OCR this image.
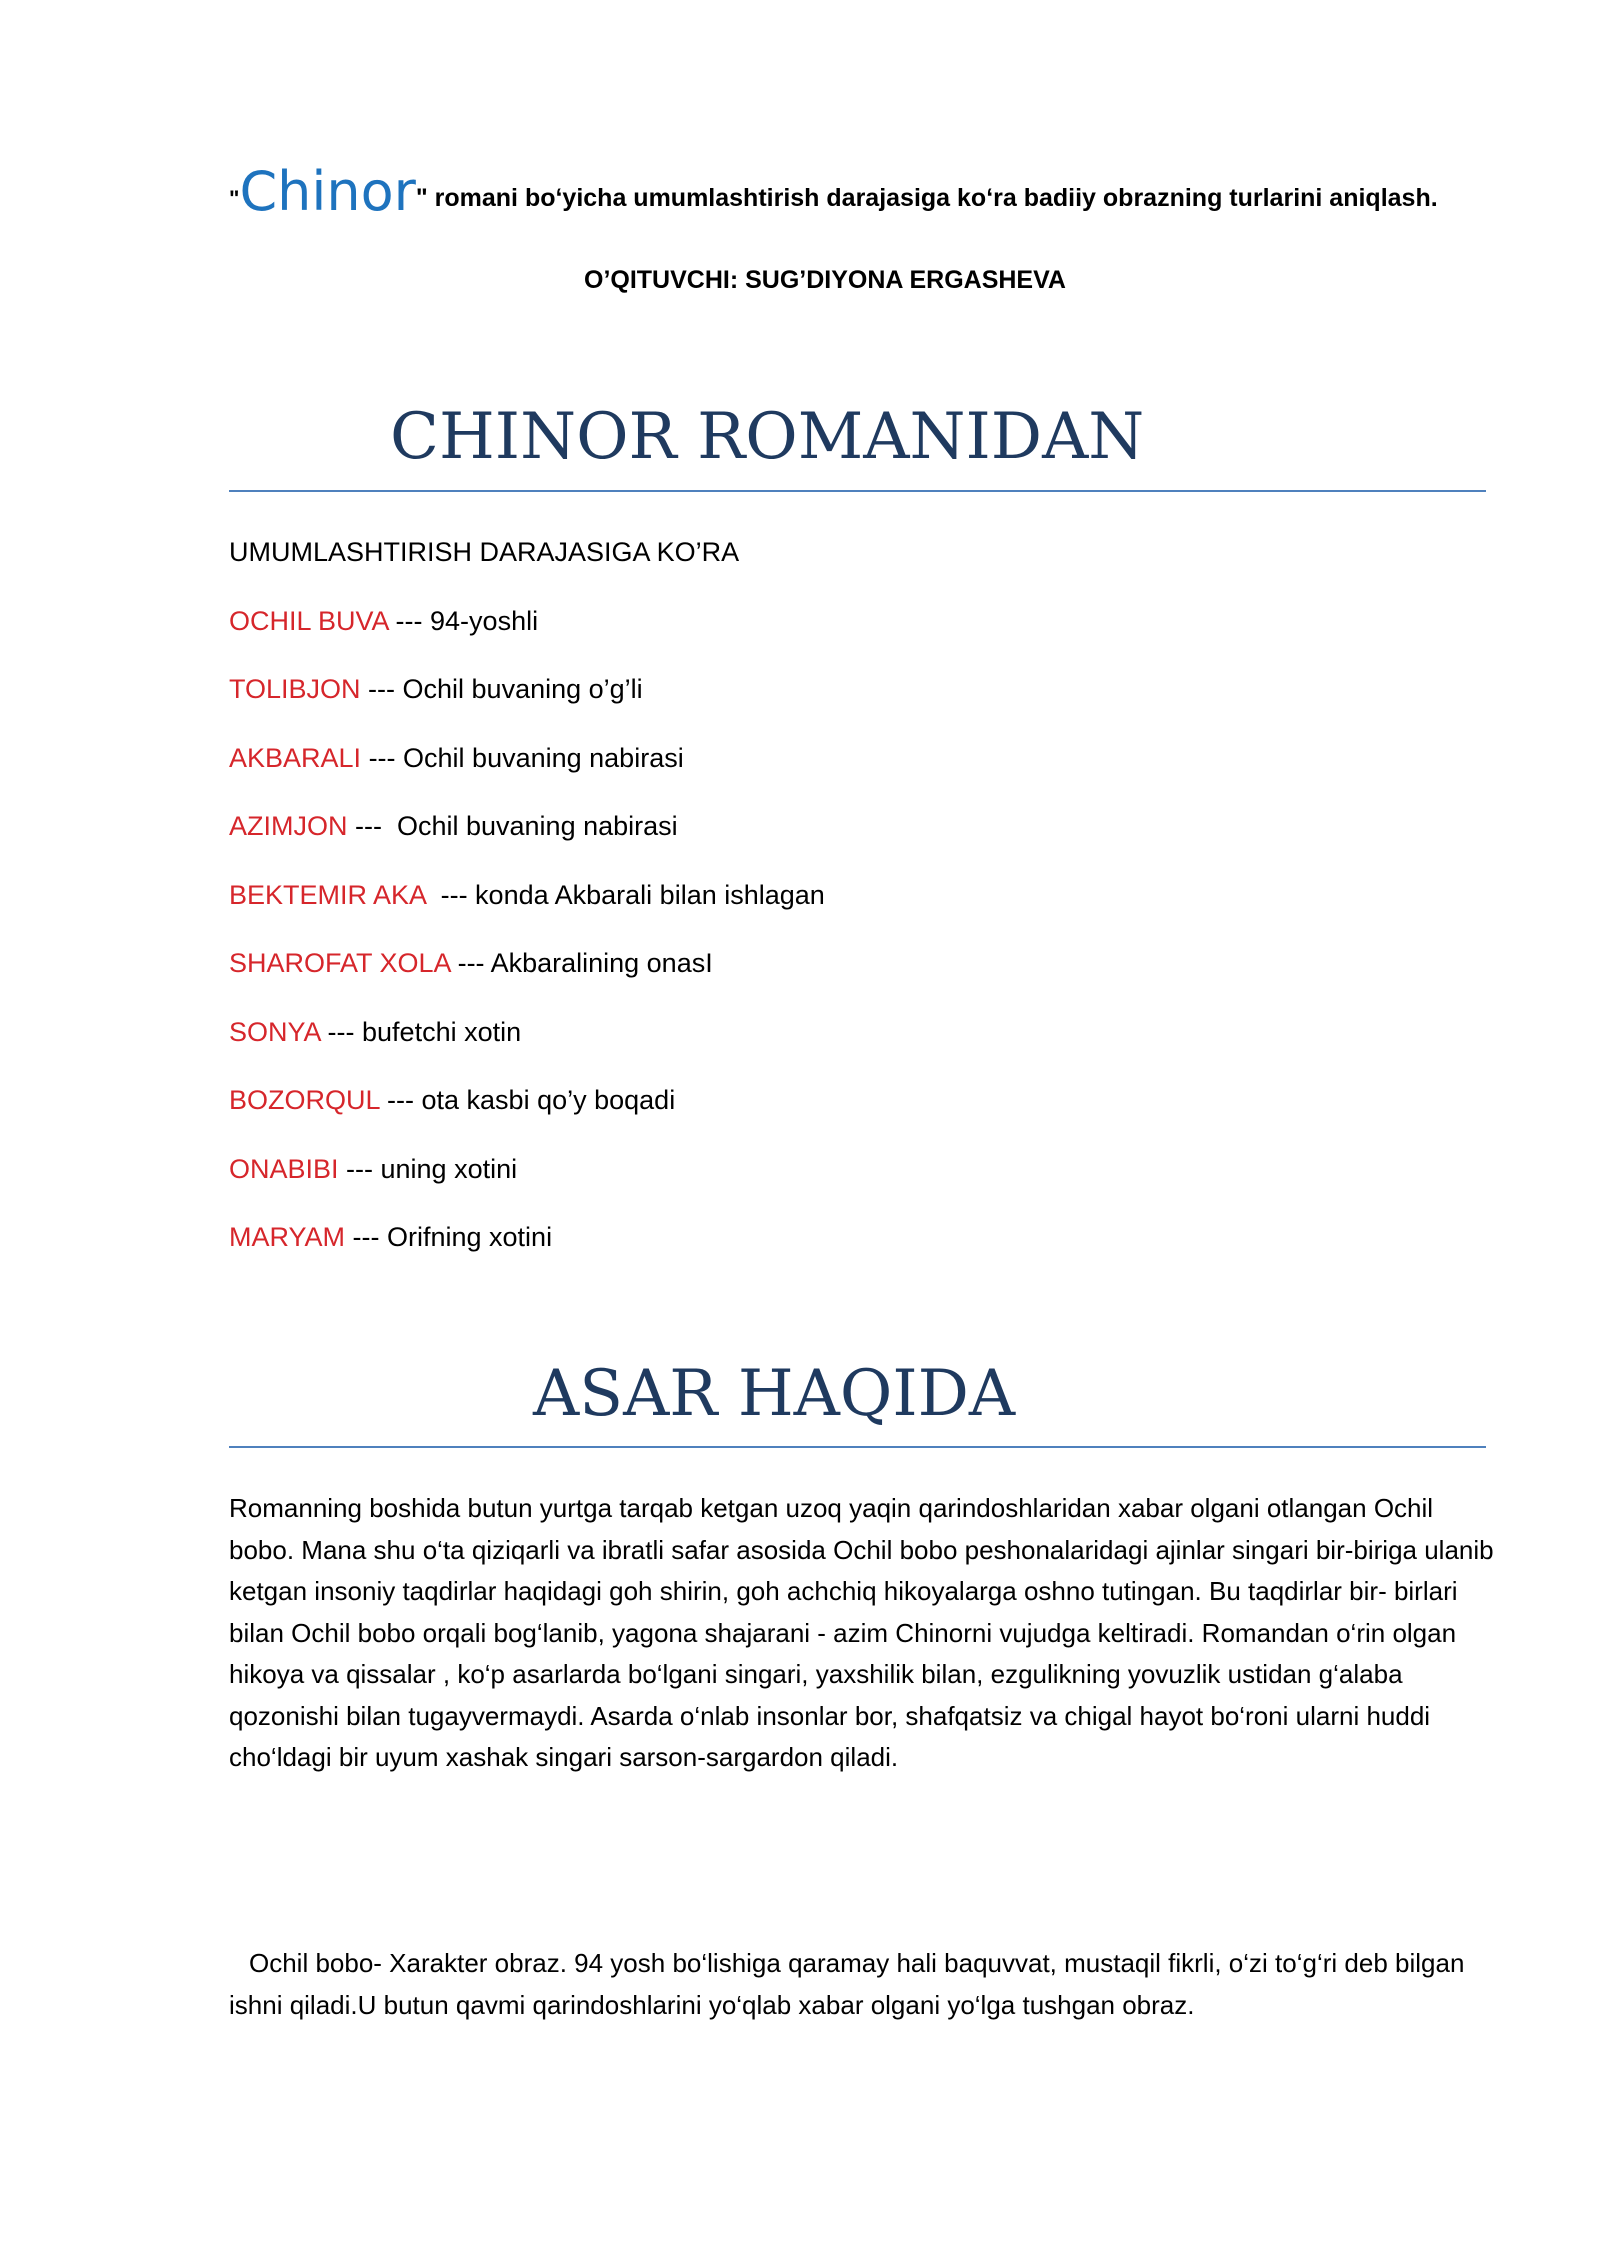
"Chinor" romani bo‘yicha umumlashtirish darajasiga ko‘ra badiiy obrazning turlarini aniqlash.
O’QITUVCHI: SUG’DIYONA ERGASHEVA
CHINOR ROMANIDAN
UMUMLASHTIRISH DARAJASIGA KO’RA
OCHIL BUVA --- 94-yoshli
TOLIBJON --- Ochil buvaning o’g’li
AKBARALI --- Ochil buvaning nabirasi
AZIMJON ---  Ochil buvaning nabirasi
BEKTEMIR AKA  --- konda Akbarali bilan ishlagan
SHAROFAT XOLA --- Akbaralining onasI
SONYA --- bufetchi xotin
BOZORQUL --- ota kasbi qo’y boqadi
ONABIBI --- uning xotini
MARYAM --- Orifning xotini
ASAR HAQIDA
Romanning boshida butun yurtga tarqab ketgan uzoq yaqin qarindoshlaridan xabar olgani otlangan Ochil bobo. Mana shu o‘ta qiziqarli va ibratli safar asosida Ochil bobo peshonalaridagi ajinlar singari bir-biriga ulanib ketgan insoniy taqdirlar haqidagi goh shirin, goh achchiq hikoyalarga oshno tutingan. Bu taqdirlar bir- birlari bilan Ochil bobo orqali bog‘lanib, yagona shajarani - azim Chinorni vujudga keltiradi. Romandan o‘rin olgan hikoya va qissalar , ko‘p asarlarda bo‘lgani singari, yaxshilik bilan, ezgulikning yovuzlik ustidan g‘alaba qozonishi bilan tugayvermaydi. Asarda o‘nlab insonlar bor, shafqatsiz va chigal hayot bo‘roni ularni huddi cho‘ldagi bir uyum xashak singari sarson-sargardon qiladi.
Ochil bobo- Xarakter obraz. 94 yosh bo‘lishiga qaramay hali baquvvat, mustaqil fikrli, o‘zi to‘g‘ri deb bilgan ishni qiladi.U butun qavmi qarindoshlarini yo‘qlab xabar olgani yo‘lga tushgan obraz.
